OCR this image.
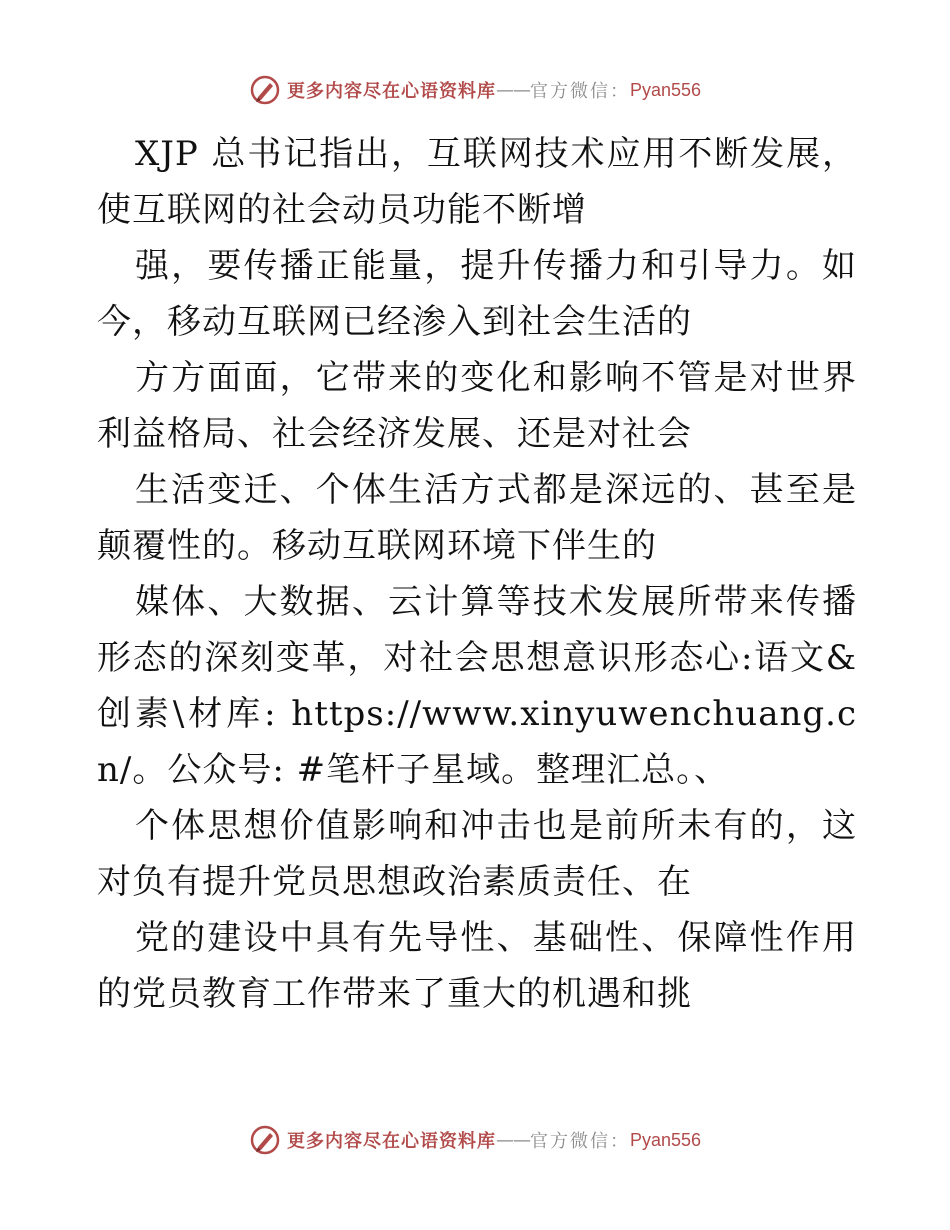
更多内容尽在心语资料库 —— 官方微信： Pyan556

XJP 总书记指出，互联网技术应用不断发展，使互联网的社会动员功能不断增

强，要传播正能量，提升传播力和引导力。如今，移动互联网已经渗入到社会生活的

方方面面，它带来的变化和影响不管是对世界利益格局、社会经济发展、还是对社会

生活变迁、个体生活方式都是深远的、甚至是颠覆性的。移动互联网环境下伴生的

媒体、大数据、云计算等技术发展所带来传播形态的深刻变革，对社会思想意识形态心:语文&创素\材库: https://www.xinyuwenchuang.cn/。公众号: #笔杆子星域。整理汇总。、

个体思想价值影响和冲击也是前所未有的，这对负有提升党员思想政治素质责任、在

党的建设中具有先导性、基础性、保障性作用的党员教育工作带来了重大的机遇和挑

更多内容尽在心语资料库 —— 官方微信： Pyan556
